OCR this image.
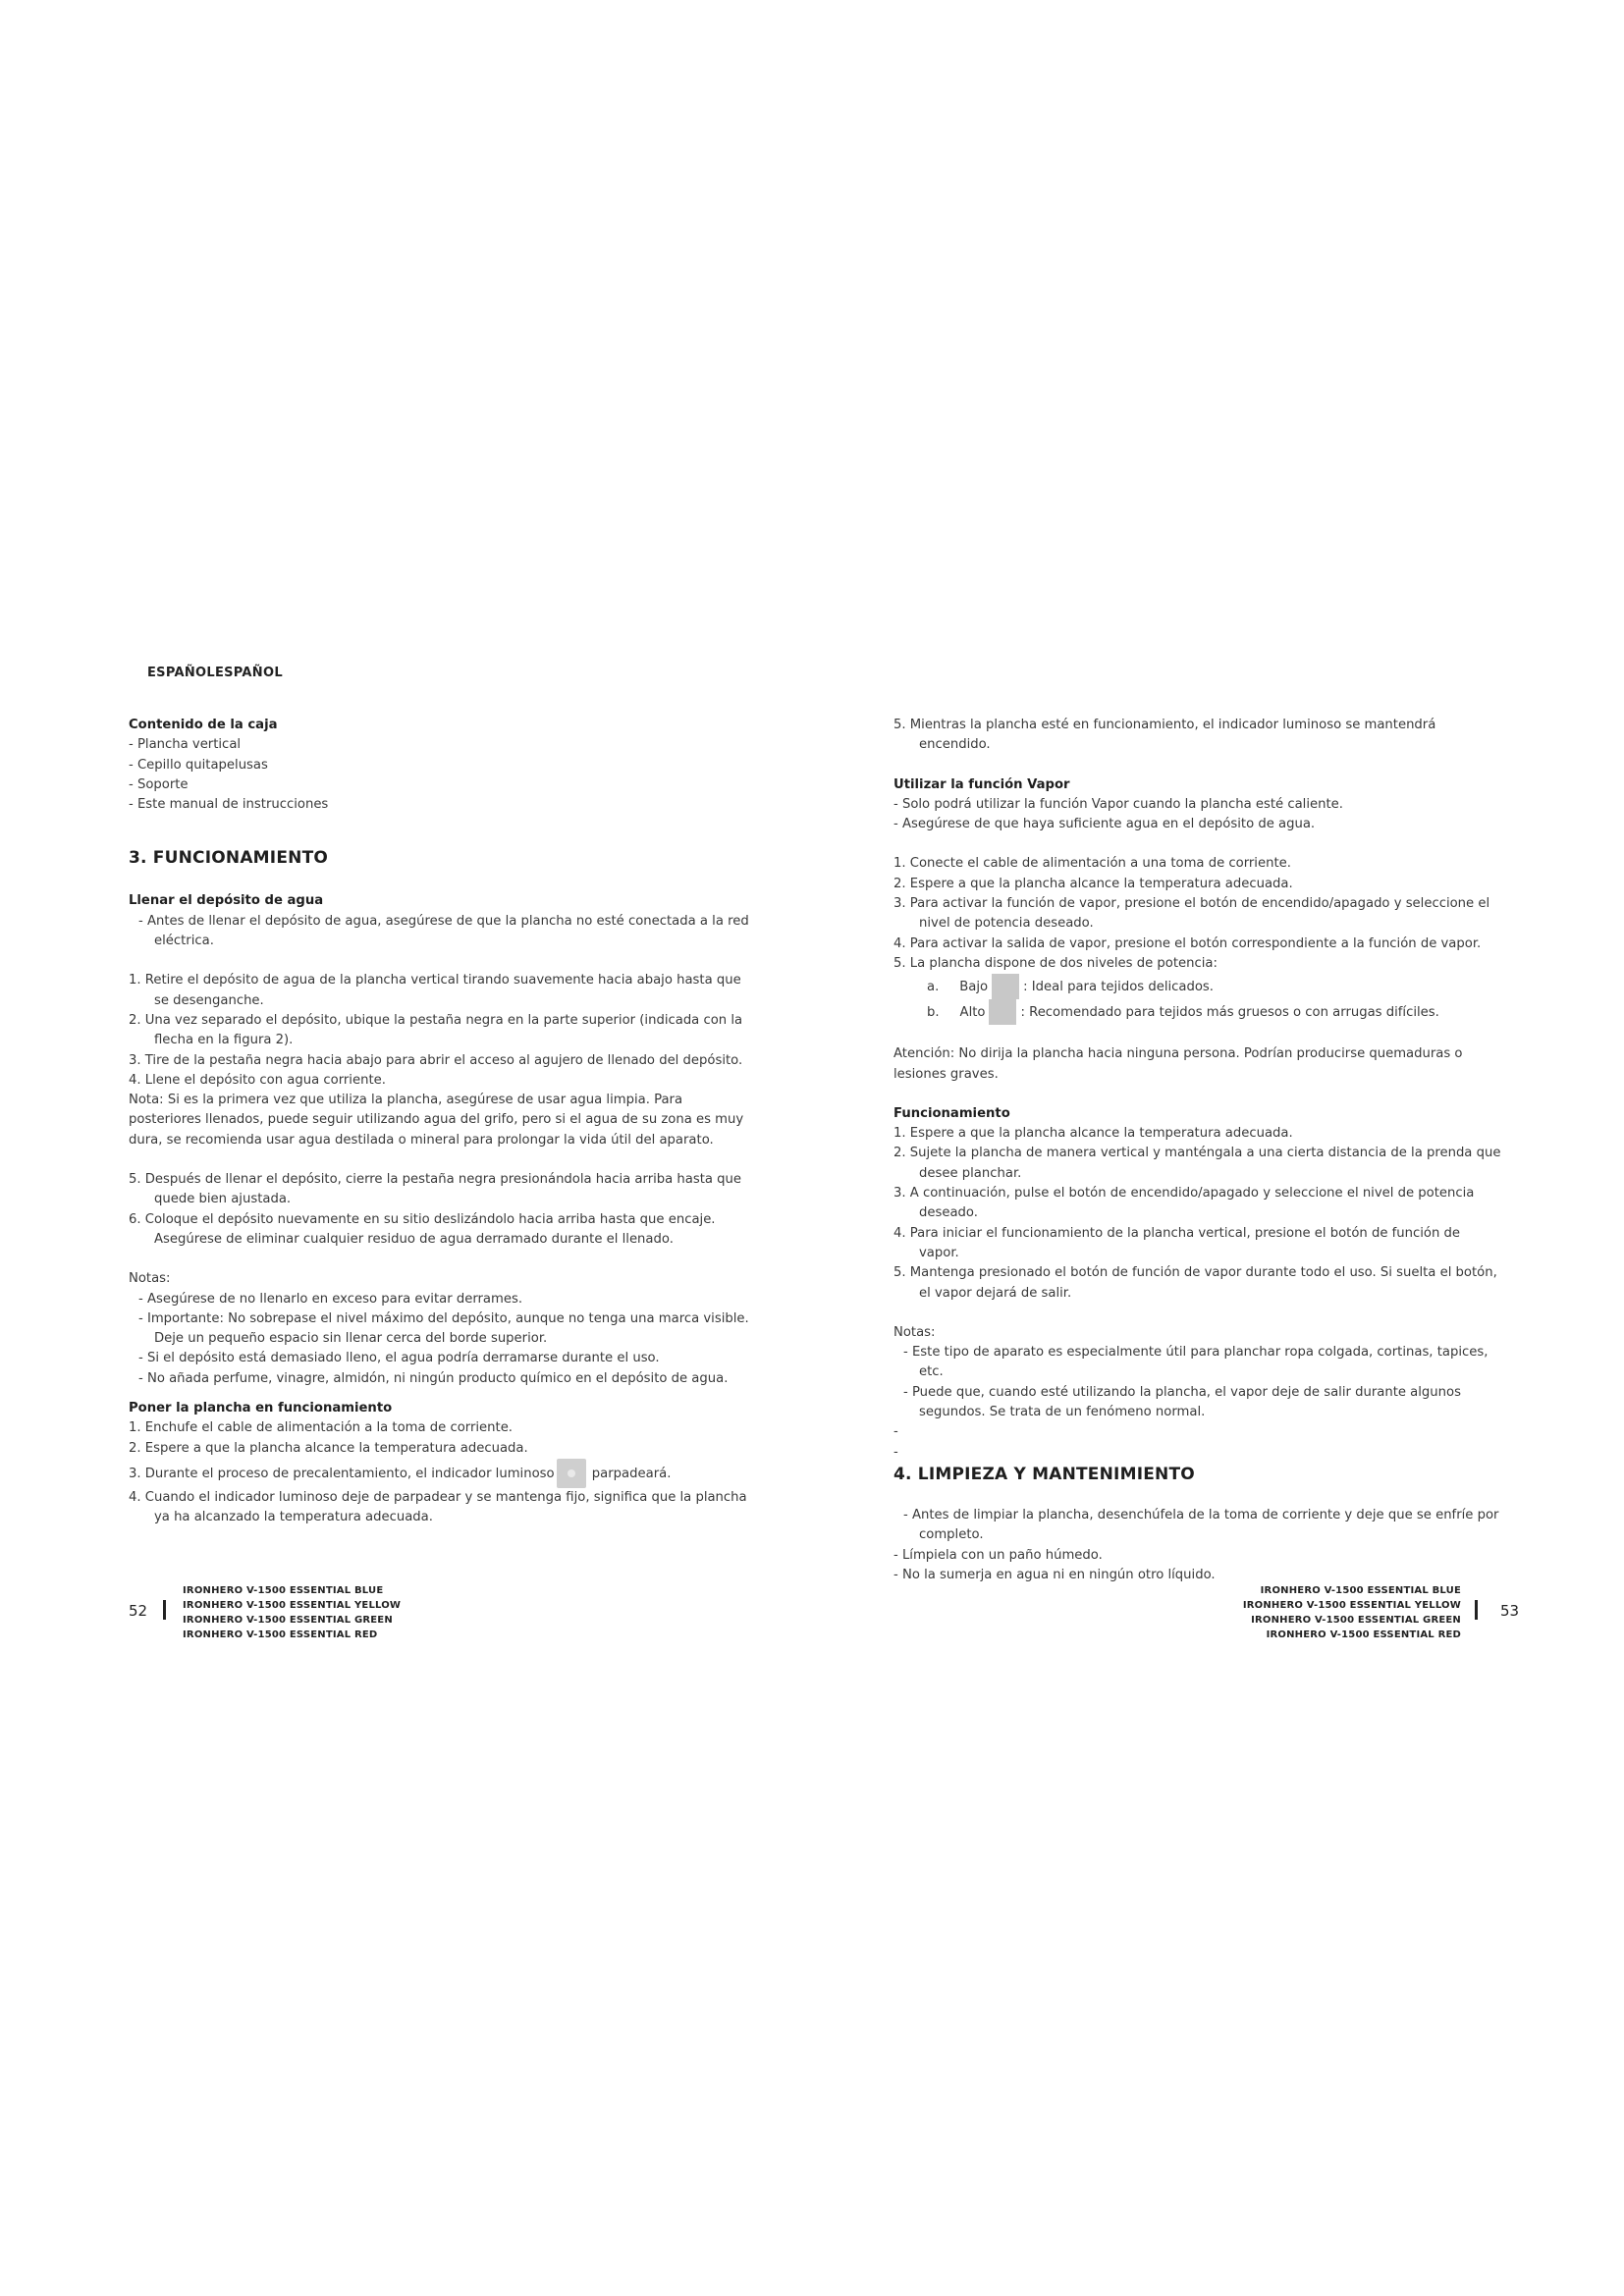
ESPAÑOLESPAÑOL

Contenido de la caja

- Plancha vertical

- Cepillo quitapelusas

- Soporte

- Este manual de instrucciones

3. FUNCIONAMIENTO

Llenar el depósito de agua

- Antes de llenar el depósito de agua, asegúrese de que la plancha no esté conectada a la red eléctrica.

1. Retire el depósito de agua de la plancha vertical tirando suavemente hacia abajo hasta que se desenganche.

2. Una vez separado el depósito, ubique la pestaña negra en la parte superior (indicada con la flecha en la figura 2).

3. Tire de la pestaña negra hacia abajo para abrir el acceso al agujero de llenado del depósito.

4. Llene el depósito con agua corriente.

Nota: Si es la primera vez que utiliza la plancha, asegúrese de usar agua limpia. Para

posteriores llenados, puede seguir utilizando agua del grifo, pero si el agua de su zona es muy

dura, se recomienda usar agua destilada o mineral para prolongar la vida útil del aparato.

5. Después de llenar el depósito, cierre la pestaña negra presionándola hacia arriba hasta que quede bien ajustada.

6. Coloque el depósito nuevamente en su sitio deslizándolo hacia arriba hasta que encaje. Asegúrese de eliminar cualquier residuo de agua derramado durante el llenado.

Notas:

- Asegúrese de no llenarlo en exceso para evitar derrames.

- Importante: No sobrepase el nivel máximo del depósito, aunque no tenga una marca visible. Deje un pequeño espacio sin llenar cerca del borde superior.

- Si el depósito está demasiado lleno, el agua podría derramarse durante el uso.

- No añada perfume, vinagre, almidón, ni ningún producto químico en el depósito de agua.

Poner la plancha en funcionamiento

1. Enchufe el cable de alimentación a la toma de corriente.

2. Espere a que la plancha alcance la temperatura adecuada.

3. Durante el proceso de precalentamiento, el indicador luminoso	parpadeará.

4. Cuando el indicador luminoso deje de parpadear y se mantenga fijo, significa que la plancha ya ha alcanzado la temperatura adecuada.

5. Mientras la plancha esté en funcionamiento, el indicador luminoso se mantendrá encendido.

Utilizar la función Vapor

- Solo podrá utilizar la función Vapor cuando la plancha esté caliente.

- Asegúrese de que haya suficiente agua en el depósito de agua.

1. Conecte el cable de alimentación a una toma de corriente.

2. Espere a que la plancha alcance la temperatura adecuada.

3. Para activar la función de vapor, presione el botón de encendido/apagado y seleccione el nivel de potencia deseado.

4. Para activar la salida de vapor, presione el botón correspondiente a la función de vapor.

5. La plancha dispone de dos niveles de potencia:

a. Bajo	: Ideal para tejidos delicados.

b. Alto	: Recomendado para tejidos más gruesos o con arrugas difíciles.

Atención: No dirija la plancha hacia ninguna persona. Podrían producirse quemaduras o lesiones graves.

Funcionamiento

1. Espere a que la plancha alcance la temperatura adecuada.

2. Sujete la plancha de manera vertical y manténgala a una cierta distancia de la prenda que desee planchar.

3. A continuación, pulse el botón de encendido/apagado y seleccione el nivel de potencia deseado.

4. Para iniciar el funcionamiento de la plancha vertical, presione el botón de función de vapor.

5. Mantenga presionado el botón de función de vapor durante todo el uso. Si suelta el botón, el vapor dejará de salir.

Notas:

- Este tipo de aparato es especialmente útil para planchar ropa colgada, cortinas, tapices, etc.

- Puede que, cuando esté utilizando la plancha, el vapor deje de salir durante algunos segundos. Se trata de un fenómeno normal.

-

-

4. LIMPIEZA Y MANTENIMIENTO

- Antes de limpiar la plancha, desenchúfela de la toma de corriente y deje que se enfríe por completo.

- Límpiela con un paño húmedo.

- No la sumerja en agua ni en ningún otro líquido.

52
IRONHERO V-1500 ESSENTIAL BLUE
IRONHERO V-1500 ESSENTIAL YELLOW
IRONHERO V-1500 ESSENTIAL GREEN
IRONHERO V-1500 ESSENTIAL RED
IRONHERO V-1500 ESSENTIAL BLUE
IRONHERO V-1500 ESSENTIAL YELLOW
IRONHERO V-1500 ESSENTIAL GREEN
IRONHERO V-1500 ESSENTIAL RED
53
